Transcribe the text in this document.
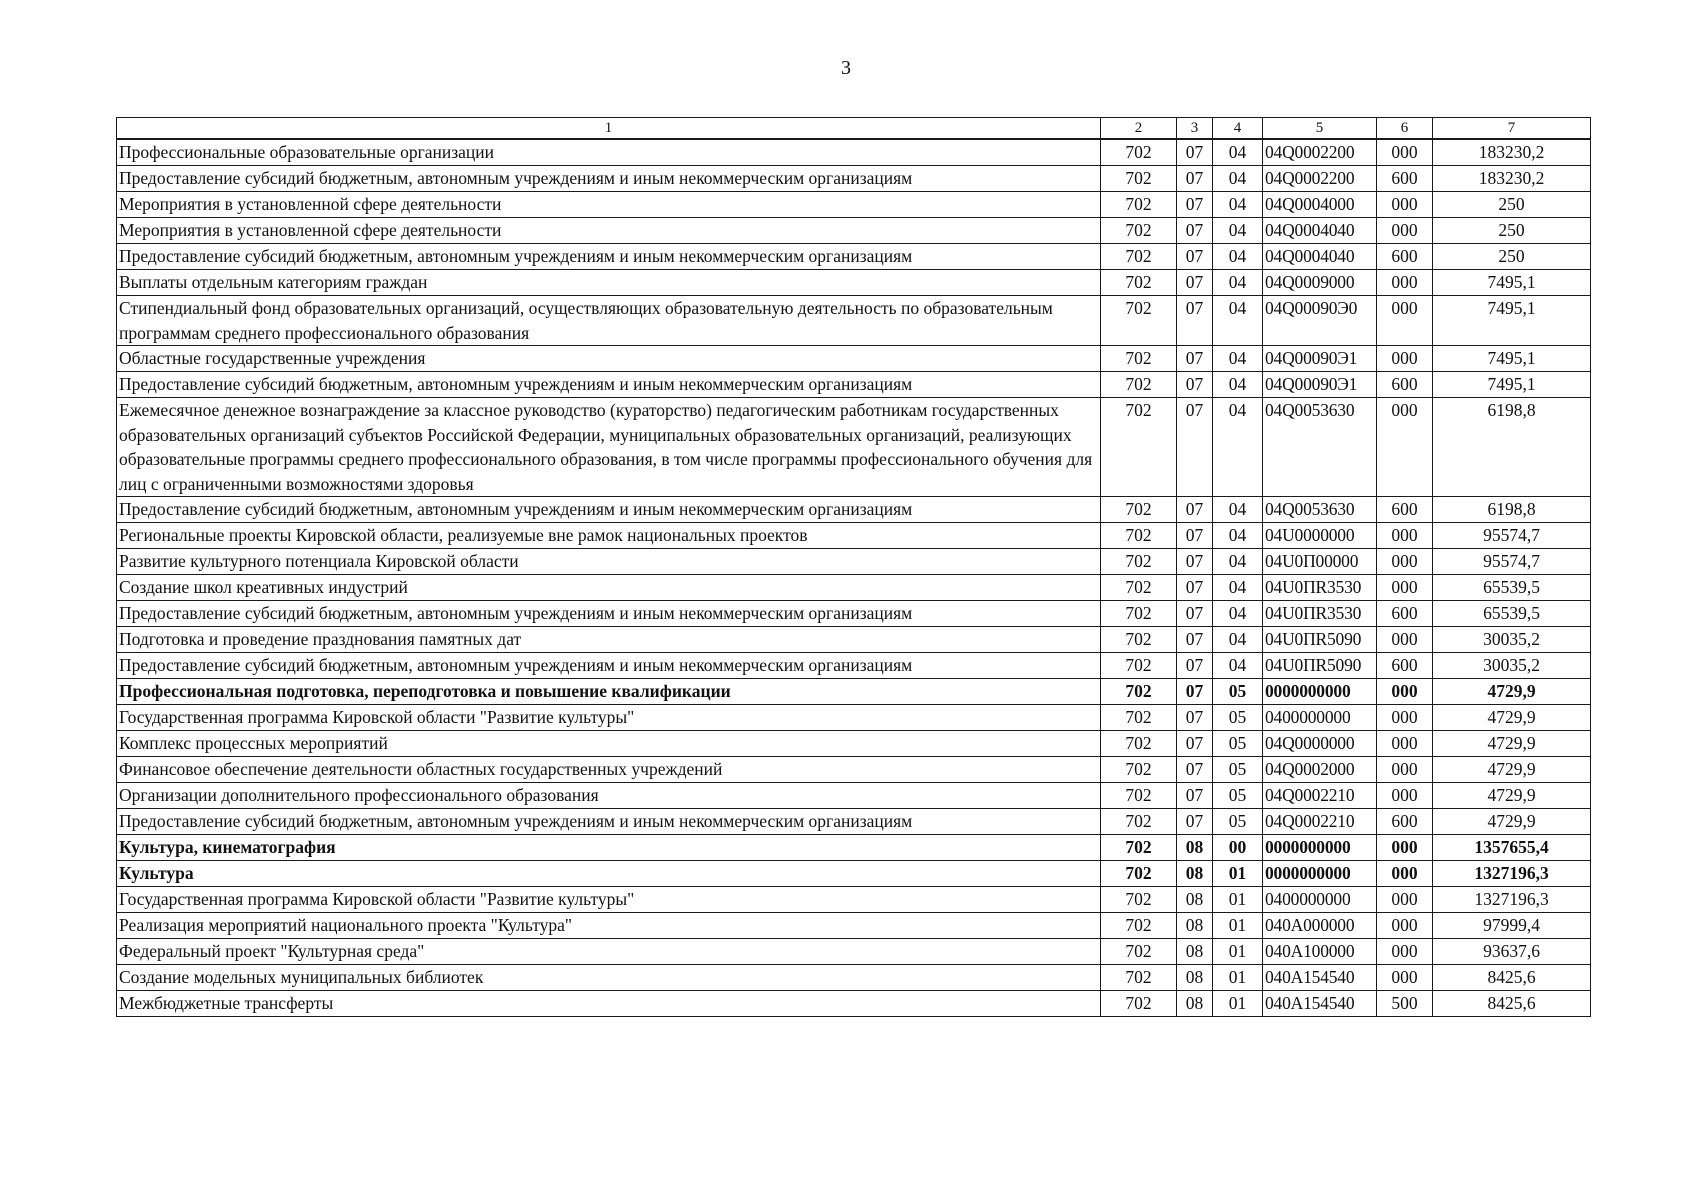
3
1	2	3	4	5	6	7
Профессиональные образовательные организации	702	07	04	04Q0002200	000	183230,2
Предоставление субсидий бюджетным, автономным учреждениям и иным некоммерческим организациям	702	07	04	04Q0002200	600	183230,2
Мероприятия в установленной сфере деятельности	702	07	04	04Q0004000	000	250
Мероприятия в установленной сфере деятельности	702	07	04	04Q0004040	000	250
Предоставление субсидий бюджетным, автономным учреждениям и иным некоммерческим организациям	702	07	04	04Q0004040	600	250
Выплаты отдельным категориям граждан	702	07	04	04Q0009000	000	7495,1
Стипендиальный фонд образовательных организаций, осуществляющих образовательную деятельность по образовательным программам среднего профессионального образования	702	07	04	04Q00090Э0	000	7495,1
Областные государственные учреждения	702	07	04	04Q00090Э1	000	7495,1
Предоставление субсидий бюджетным, автономным учреждениям и иным некоммерческим организациям	702	07	04	04Q00090Э1	600	7495,1
Ежемесячное денежное вознаграждение за классное руководство (кураторство) педагогическим работникам государственных образовательных организаций субъектов Российской Федерации, муниципальных образовательных организаций, реализующих образовательные программы среднего профессионального образования, в том числе программы профессионального обучения для лиц с ограниченными возможностями здоровья	702	07	04	04Q0053630	000	6198,8
Предоставление субсидий бюджетным, автономным учреждениям и иным некоммерческим организациям	702	07	04	04Q0053630	600	6198,8
Региональные проекты Кировской области, реализуемые вне рамок национальных проектов	702	07	04	04U0000000	000	95574,7
Развитие культурного потенциала Кировской области	702	07	04	04U0П00000	000	95574,7
Создание школ креативных индустрий	702	07	04	04U0ПR3530	000	65539,5
Предоставление субсидий бюджетным, автономным учреждениям и иным некоммерческим организациям	702	07	04	04U0ПR3530	600	65539,5
Подготовка и проведение празднования памятных дат	702	07	04	04U0ПR5090	000	30035,2
Предоставление субсидий бюджетным, автономным учреждениям и иным некоммерческим организациям	702	07	04	04U0ПR5090	600	30035,2
Профессиональная подготовка, переподготовка и повышение квалификации	702	07	05	0000000000	000	4729,9
Государственная программа Кировской области "Развитие культуры"	702	07	05	0400000000	000	4729,9
Комплекс процессных мероприятий	702	07	05	04Q0000000	000	4729,9
Финансовое обеспечение деятельности областных государственных учреждений	702	07	05	04Q0002000	000	4729,9
Организации дополнительного профессионального образования	702	07	05	04Q0002210	000	4729,9
Предоставление субсидий бюджетным, автономным учреждениям и иным некоммерческим организациям	702	07	05	04Q0002210	600	4729,9
Культура, кинематография	702	08	00	0000000000	000	1357655,4
Культура	702	08	01	0000000000	000	1327196,3
Государственная программа Кировской области "Развитие культуры"	702	08	01	0400000000	000	1327196,3
Реализация мероприятий национального проекта "Культура"	702	08	01	040A000000	000	97999,4
Федеральный проект "Культурная среда"	702	08	01	040A100000	000	93637,6
Создание модельных муниципальных библиотек	702	08	01	040A154540	000	8425,6
Межбюджетные трансферты	702	08	01	040A154540	500	8425,6
